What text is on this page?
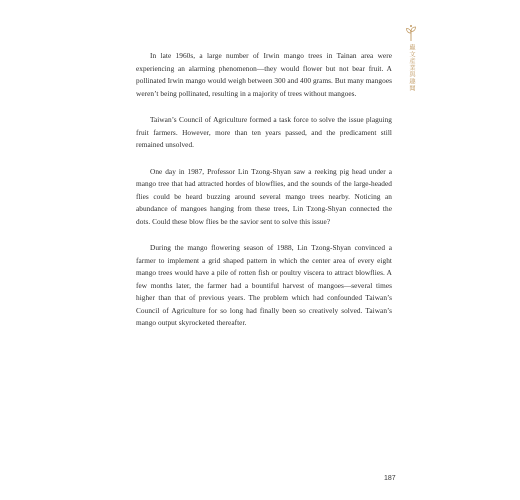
蟲文產業與趣聞

In late 1960s, a large number of Irwin mango trees in Tainan area were experiencing an alarming phenomenon—they would flower but not bear fruit. A pollinated Irwin mango would weigh between 300 and 400 grams. But many mangoes weren’t being pollinated, resulting in a majority of trees without mangoes.

Taiwan’s Council of Agriculture formed a task force to solve the issue plaguing fruit farmers. However, more than ten years passed, and the predicament still remained unsolved.

One day in 1987, Professor Lin Tzong-Shyan saw a reeking pig head under a mango tree that had attracted hordes of blowflies, and the sounds of the large-headed flies could be heard buzzing around several mango trees nearby. Noticing an abundance of mangoes hanging from these trees, Lin Tzong-Shyan connected the dots. Could these blow flies be the savior sent to solve this issue?

During the mango flowering season of 1988, Lin Tzong-Shyan convinced a farmer to implement a grid shaped pattern in which the center area of every eight mango trees would have a pile of rotten fish or poultry viscera to attract blowflies. A few months later, the farmer had a bountiful harvest of mangoes—several times higher than that of previous years. The problem which had confounded Taiwan’s Council of Agriculture for so long had finally been so creatively solved. Taiwan’s mango output skyrocketed thereafter.

187
